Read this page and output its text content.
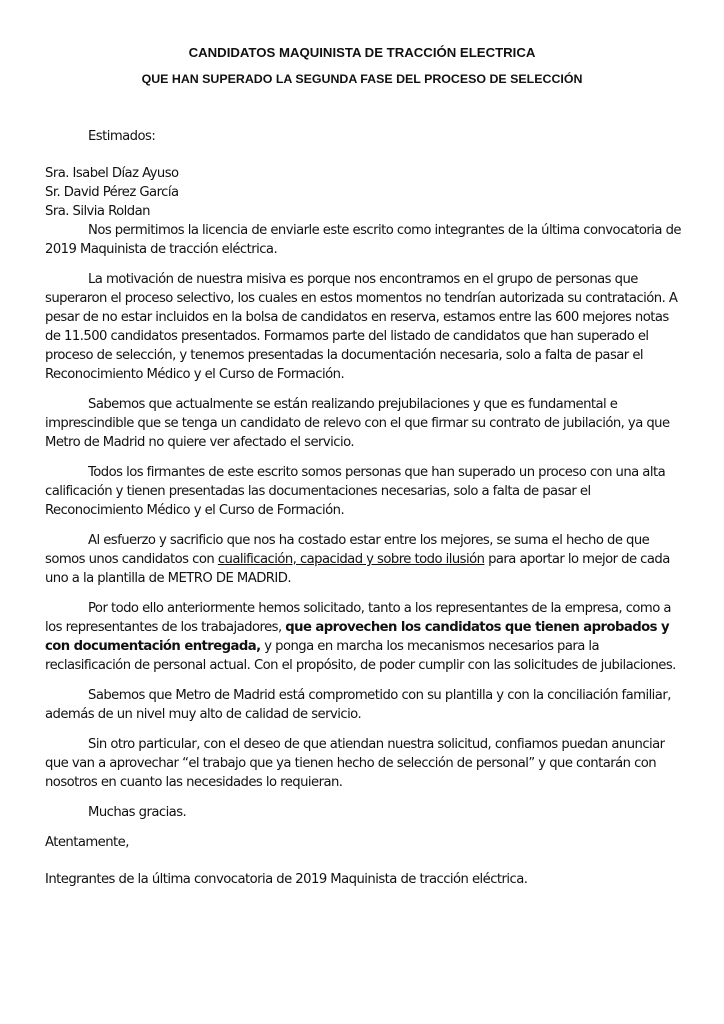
CANDIDATOS MAQUINISTA DE TRACCIÓN ELECTRICA
QUE HAN SUPERADO LA SEGUNDA FASE DEL PROCESO DE SELECCIÓN

Estimados:

Sra. Isabel Díaz Ayuso

Sr. David Pérez García

Sra. Silvia Roldan

Nos permitimos la licencia de enviarle este escrito como integrantes de la última convocatoria de 2019 Maquinista de tracción eléctrica.

La motivación de nuestra misiva es porque nos encontramos en el grupo de personas que superaron el proceso selectivo, los cuales en estos momentos no tendrían autorizada su contratación. A pesar de no estar incluidos en la bolsa de candidatos en reserva, estamos entre las 600 mejores notas de 11.500 candidatos presentados. Formamos parte del listado de candidatos que han superado el proceso de selección, y tenemos presentadas la documentación necesaria, solo a falta de pasar el Reconocimiento Médico y el Curso de Formación.

Sabemos que actualmente se están realizando prejubilaciones y que es fundamental e imprescindible que se tenga un candidato de relevo con el que firmar su contrato de jubilación, ya que Metro de Madrid no quiere ver afectado el servicio.

Todos los firmantes de este escrito somos personas que han superado un proceso con una alta calificación y tienen presentadas las documentaciones necesarias, solo a falta de pasar el Reconocimiento Médico y el Curso de Formación.

Al esfuerzo y sacrificio que nos ha costado estar entre los mejores, se suma el hecho de que somos unos candidatos con cualificación, capacidad y sobre todo ilusión para aportar lo mejor de cada uno a la plantilla de METRO DE MADRID.

Por todo ello anteriormente hemos solicitado, tanto a los representantes de la empresa, como a los representantes de los trabajadores, que aprovechen los candidatos que tienen aprobados y con documentación entregada, y ponga en marcha los mecanismos necesarios para la reclasificación de personal actual. Con el propósito, de poder cumplir con las solicitudes de jubilaciones.

Sabemos que Metro de Madrid está comprometido con su plantilla y con la conciliación familiar, además de un nivel muy alto de calidad de servicio.

Sin otro particular, con el deseo de que atiendan nuestra solicitud, confiamos puedan anunciar que van a aprovechar “el trabajo que ya tienen hecho de selección de personal” y que contarán con nosotros en cuanto las necesidades lo requieran.

Muchas gracias.

Atentamente,

Integrantes de la última convocatoria de 2019 Maquinista de tracción eléctrica.
